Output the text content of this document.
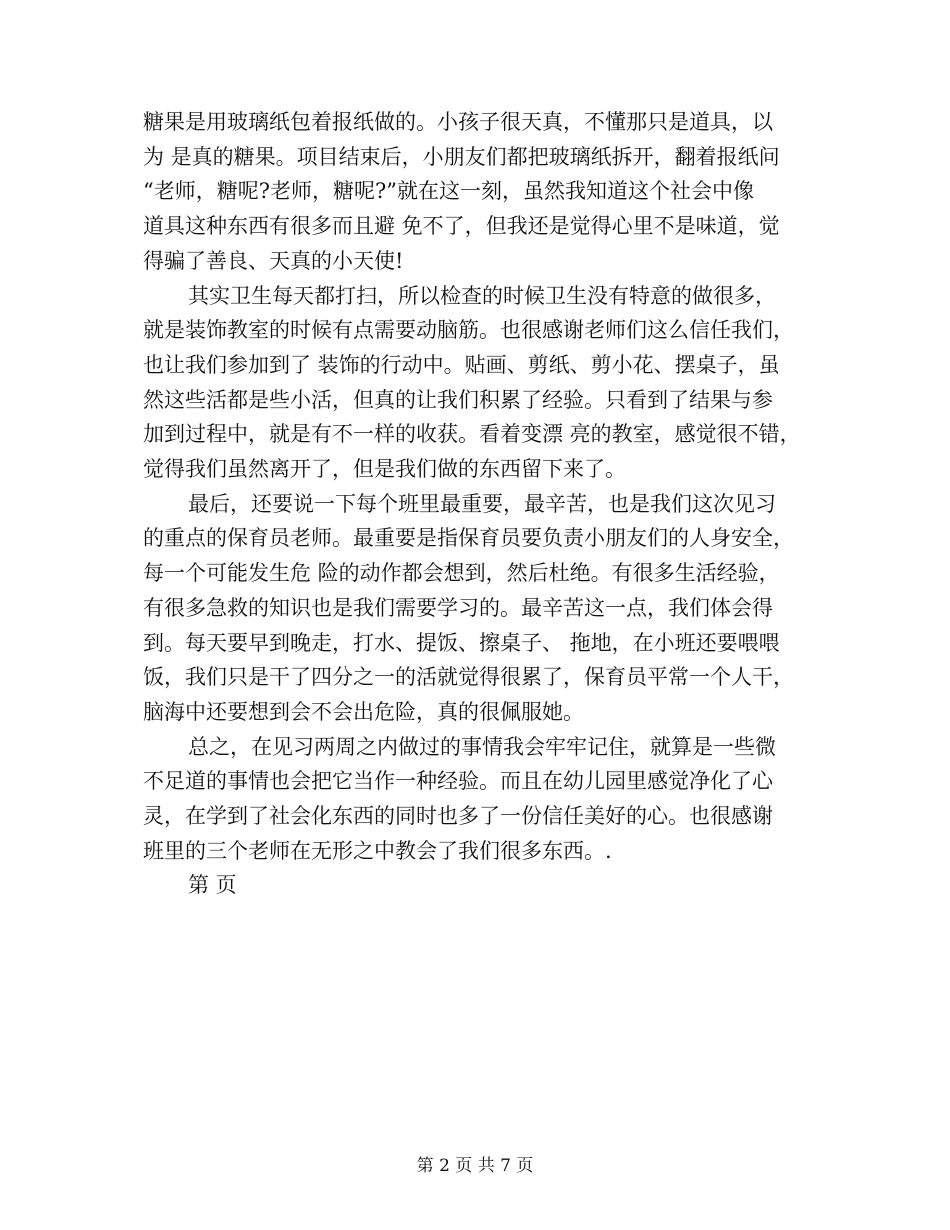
糖果是用玻璃纸包着报纸做的。小孩子很天真，不懂那只是道具，以

为 是真的糖果。项目结束后，小朋友们都把玻璃纸拆开，翻着报纸问

“老师，糖呢?老师，糖呢?”就在这一刻，虽然我知道这个社会中像

道具这种东西有很多而且避 免不了，但我还是觉得心里不是味道，觉

得骗了善良、天真的小天使!

其实卫生每天都打扫，所以检查的时候卫生没有特意的做很多，

就是装饰教室的时候有点需要动脑筋。也很感谢老师们这么信任我们，

也让我们参加到了 装饰的行动中。贴画、剪纸、剪小花、摆桌子，虽

然这些活都是些小活，但真的让我们积累了经验。只看到了结果与参

加到过程中，就是有不一样的收获。看着变漂 亮的教室，感觉很不错，

觉得我们虽然离开了，但是我们做的东西留下来了。

最后，还要说一下每个班里最重要，最辛苦，也是我们这次见习

的重点的保育员老师。最重要是指保育员要负责小朋友们的人身安全，

每一个可能发生危 险的动作都会想到，然后杜绝。有很多生活经验，

有很多急救的知识也是我们需要学习的。最辛苦这一点，我们体会得

到。每天要早到晚走，打水、提饭、擦桌子、 拖地，在小班还要喂喂

饭，我们只是干了四分之一的活就觉得很累了，保育员平常一个人干，

脑海中还要想到会不会出危险，真的很佩服她。

总之，在见习两周之内做过的事情我会牢牢记住，就算是一些微

不足道的事情也会把它当作一种经验。而且在幼儿园里感觉净化了心

灵，在学到了社会化东西的同时也多了一份信任美好的心。也很感谢

班里的三个老师在无形之中教会了我们很多东西。.

第 页

第 2 页 共 7 页
